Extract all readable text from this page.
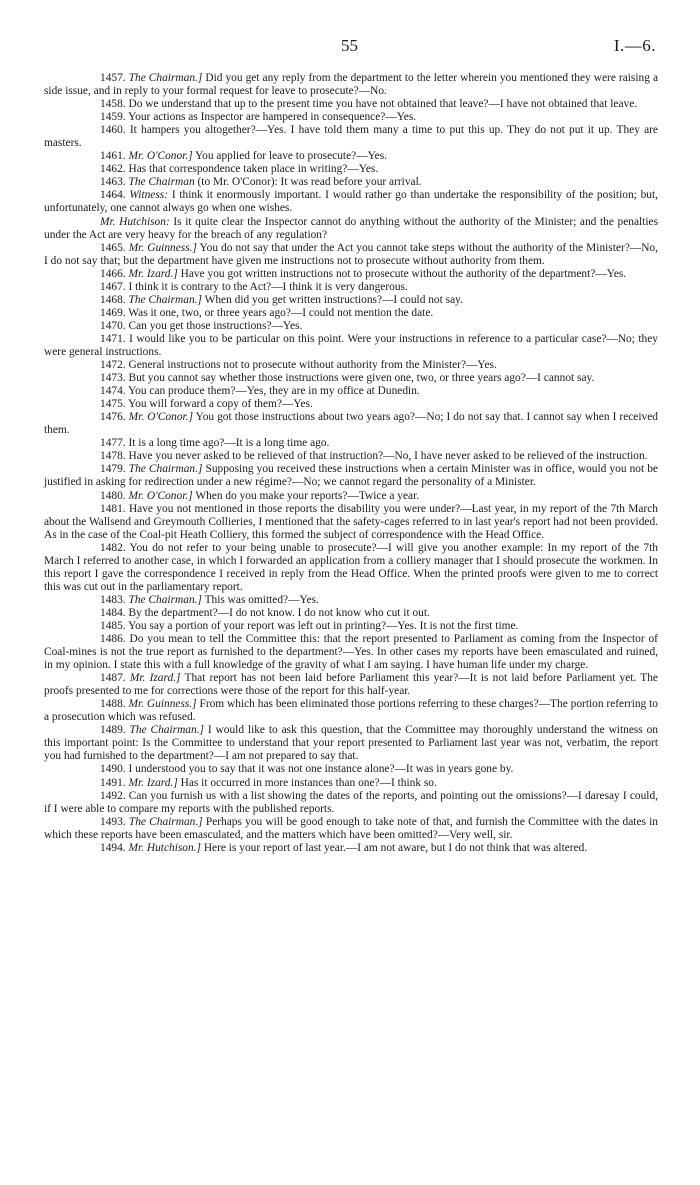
55	I.—6.

1457. The Chairman.] Did you get any reply from the department to the letter wherein you mentioned they were raising a side issue, and in reply to your formal request for leave to prosecute?—No.

1458. Do we understand that up to the present time you have not obtained that leave?—I have not obtained that leave.

1459. Your actions as Inspector are hampered in consequence?—Yes.

1460. It hampers you altogether?—Yes. I have told them many a time to put this up. They do not put it up. They are masters.

1461. Mr. O'Conor.] You applied for leave to prosecute?—Yes.

1462. Has that correspondence taken place in writing?—Yes.

1463. The Chairman (to Mr. O'Conor): It was read before your arrival.

1464. Witness: I think it enormously important. I would rather go than undertake the responsibility of the position; but, unfortunately, one cannot always go when one wishes.

Mr. Hutchison: Is it quite clear the Inspector cannot do anything without the authority of the Minister; and the penalties under the Act are very heavy for the breach of any regulation?

1465. Mr. Guinness.] You do not say that under the Act you cannot take steps without the authority of the Minister?—No, I do not say that; but the department have given me instructions not to prosecute without authority from them.

1466. Mr. Izard.] Have you got written instructions not to prosecute without the authority of the department?—Yes.

1467. I think it is contrary to the Act?—I think it is very dangerous.

1468. The Chairman.] When did you get written instructions?—I could not say.

1469. Was it one, two, or three years ago?—I could not mention the date.

1470. Can you get those instructions?—Yes.

1471. I would like you to be particular on this point. Were your instructions in reference to a particular case?—No; they were general instructions.

1472. General instructions not to prosecute without authority from the Minister?—Yes.

1473. But you cannot say whether those instructions were given one, two, or three years ago?—I cannot say.

1474. You can produce them?—Yes, they are in my office at Dunedin.

1475. You will forward a copy of them?—Yes.

1476. Mr. O'Conor.] You got those instructions about two years ago?—No; I do not say that. I cannot say when I received them.

1477. It is a long time ago?—It is a long time ago.

1478. Have you never asked to be relieved of that instruction?—No, I have never asked to be relieved of the instruction.

1479. The Chairman.] Supposing you received these instructions when a certain Minister was in office, would you not be justified in asking for redirection under a new régime?—No; we cannot regard the personality of a Minister.

1480. Mr. O'Conor.] When do you make your reports?—Twice a year.

1481. Have you not mentioned in those reports the disability you were under?—Last year, in my report of the 7th March about the Wallsend and Greymouth Collieries, I mentioned that the safety-cages referred to in last year's report had not been provided. As in the case of the Coal-pit Heath Colliery, this formed the subject of correspondence with the Head Office.

1482. You do not refer to your being unable to prosecute?—I will give you another example: In my report of the 7th March I referred to another case, in which I forwarded an application from a colliery manager that I should prosecute the workmen. In this report I gave the correspondence I received in reply from the Head Office. When the printed proofs were given to me to correct this was cut out in the parliamentary report.

1483. The Chairman.] This was omitted?—Yes.

1484. By the department?—I do not know. I do not know who cut it out.

1485. You say a portion of your report was left out in printing?—Yes. It is not the first time.

1486. Do you mean to tell the Committee this: that the report presented to Parliament as coming from the Inspector of Coal-mines is not the true report as furnished to the department?—Yes. In other cases my reports have been emasculated and ruined, in my opinion. I state this with a full knowledge of the gravity of what I am saying. I have human life under my charge.

1487. Mr. Izard.] That report has not been laid before Parliament this year?—It is not laid before Parliament yet. The proofs presented to me for corrections were those of the report for this half-year.

1488. Mr. Guinness.] From which has been eliminated those portions referring to these charges?—The portion referring to a prosecution which was refused.

1489. The Chairman.] I would like to ask this question, that the Committee may thoroughly understand the witness on this important point: Is the Committee to understand that your report presented to Parliament last year was not, verbatim, the report you had furnished to the department?—I am not prepared to say that.

1490. I understood you to say that it was not one instance alone?—It was in years gone by.

1491. Mr. Izard.] Has it occurred in more instances than one?—I think so.

1492. Can you furnish us with a list showing the dates of the reports, and pointing out the omissions?—I daresay I could, if I were able to compare my reports with the published reports.

1493. The Chairman.] Perhaps you will be good enough to take note of that, and furnish the Committee with the dates in which these reports have been emasculated, and the matters which have been omitted?—Very well, sir.

1494. Mr. Hutchison.] Here is your report of last year.—I am not aware, but I do not think that was altered.
